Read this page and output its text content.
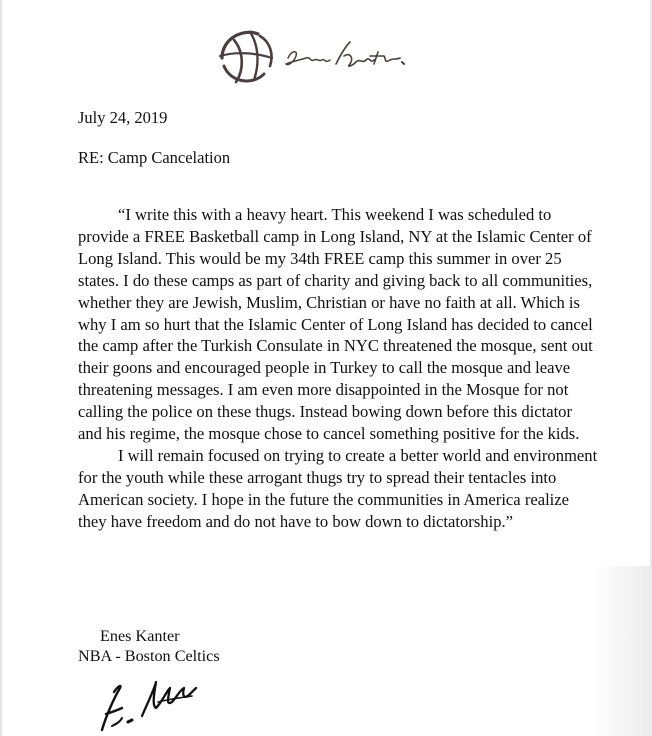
July 24, 2019
RE: Camp Cancelation

“I write this with a heavy heart. This weekend I was scheduled to provide a FREE Basketball camp in Long Island, NY at the Islamic Center of Long Island. This would be my 34th FREE camp this summer in over 25 states. I do these camps as part of charity and giving back to all communities, whether they are Jewish, Muslim, Christian or have no faith at all. Which is why I am so hurt that the Islamic Center of Long Island has decided to cancel the camp after the Turkish Consulate in NYC threatened the mosque, sent out their goons and encouraged people in Turkey to call the mosque and leave threatening messages. I am even more disappointed in the Mosque for not calling the police on these thugs. Instead bowing down before this dictator and his regime, the mosque chose to cancel something positive for the kids.

I will remain focused on trying to create a better world and environment for the youth while these arrogant thugs try to spread their tentacles into American society. I hope in the future the communities in America realize they have freedom and do not have to bow down to dictatorship.”

Enes Kanter
NBA - Boston Celtics
